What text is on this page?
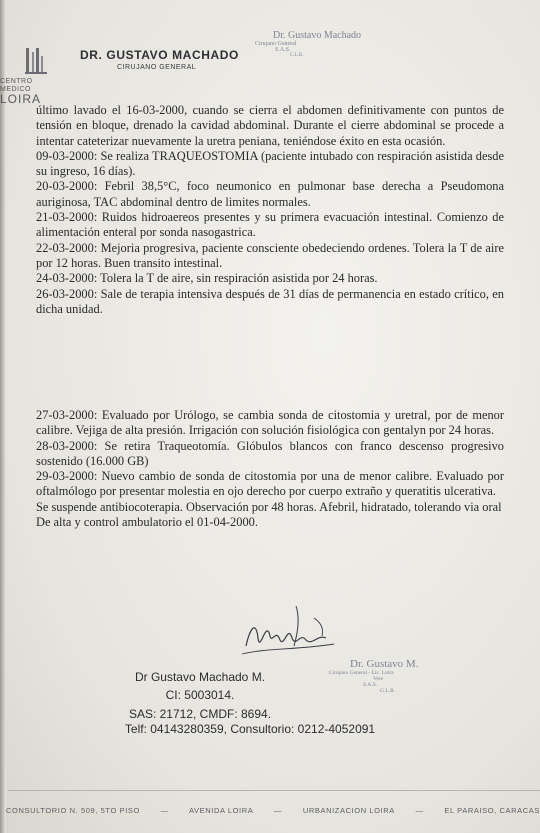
CENTRO
MEDICO
LOIRA
DR. GUSTAVO MACHADO
CIRUJANO GENERAL
Dr. Gustavo Machado
Cirujano General
S.A.S.
C.L.R.

último lavado el 16-03-2000, cuando se cierra el abdomen definitivamente con puntos de tensión en bloque, drenado la cavidad abdominal. Durante el cierre abdominal se procede a intentar cateterizar nuevamente la uretra peniana, teniéndose éxito en esta ocasión.

09-03-2000: Se realiza TRAQUEOSTOMIA (paciente intubado con respiración asistida desde su ingreso, 16 días).

20-03-2000: Febril 38,5°C, foco neumonico en pulmonar base derecha a Pseudomona auriginosa, TAC abdominal dentro de limites normales.

21-03-2000: Ruidos hidroaereos presentes y su primera evacuación intestinal. Comienzo de alimentación enteral por sonda nasogastrica.

22-03-2000: Mejoria progresiva, paciente consciente obedeciendo ordenes. Tolera la T de aire por 12 horas. Buen transito intestinal.

24-03-2000: Tolera la T de aire, sin respiración asistida por 24 horas.

26-03-2000: Sale de terapia intensiva después de 31 días de permanencia en estado crítico, en dicha unidad.

27-03-2000: Evaluado por Urólogo, se cambia sonda de citostomia y uretral, por de menor calibre. Vejiga de alta presión. Irrigación con solución fisiológica con gentalyn por 24 horas.

28-03-2000: Se retira Traqueotomía. Glóbulos blancos con franco descenso progresivo sostenido (16.000 GB)

29-03-2000: Nuevo cambio de sonda de citostomia por una de menor calibre. Evaluado por oftalmólogo por presentar molestia en ojo derecho por cuerpo extraño y queratitis ulcerativa.

Se suspende antibiocoterapia. Observación por 48 horas. Afebril, hidratado, tolerando via oral

De alta y control ambulatorio el 01-04-2000.

Dr Gustavo Machado M.
CI: 5003014.
SAS: 21712, CMDF: 8694.
Telf: 04143280359, Consultorio: 0212-4052091
Dr. Gustavo M.
Cirujano General - Lic. Loira
Vere
S.A.S.
G.L.R.
CONSULTORIO N. 509, 5TO PISO	—	AVENIDA LOIRA	—	URBANIZACION LOIRA	—	EL PARAISO, CARACAS
